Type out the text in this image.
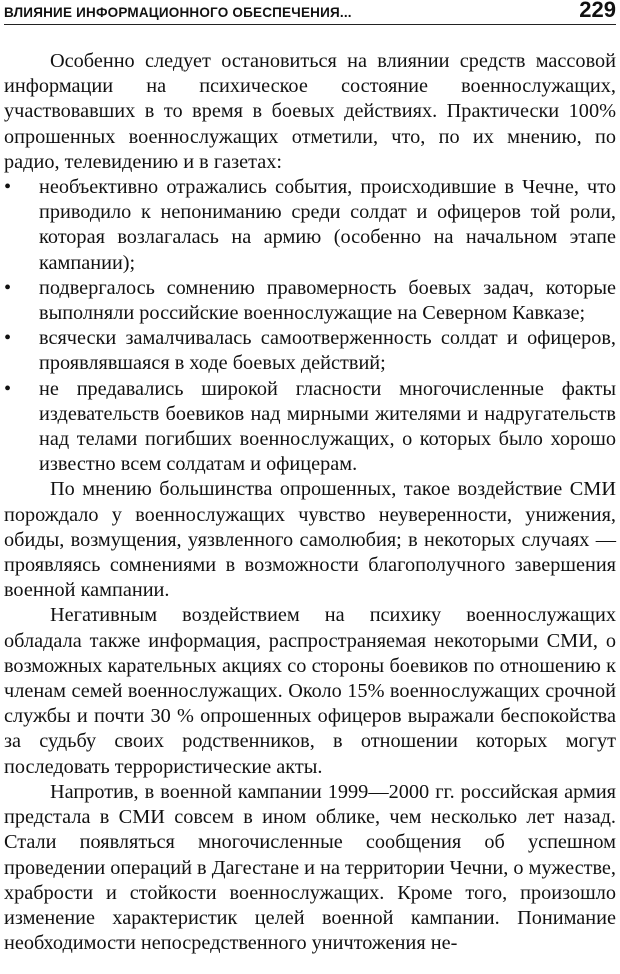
ВЛИЯНИЕ ИНФОРМАЦИОННОГО ОБЕСПЕЧЕНИЯ...	229

Особенно следует остановиться на влиянии средств массовой информации на психическое состояние военнослужащих, участвовавших в то время в боевых действиях. Практически 100% опрошенных военнослужащих отметили, что, по их мнению, по радио, телевидению и в газетах:

• необъективно отражались события, происходившие в Чечне, что приводило к непониманию среди солдат и офицеров той роли, которая возлагалась на армию (особенно на начальном этапе кампании);
• подвергалось сомнению правомерность боевых задач, которые выполняли российские военнослужащие на Северном Кавказе;
• всячески замалчивалась самоотверженность солдат и офицеров, проявлявшаяся в ходе боевых действий;
• не предавались широкой гласности многочисленные факты издевательств боевиков над мирными жителями и надругательств над телами погибших военнослужащих, о которых было хорошо известно всем солдатам и офицерам.

По мнению большинства опрошенных, такое воздействие СМИ порождало у военнослужащих чувство неуверенности, унижения, обиды, возмущения, уязвленного самолюбия; в некоторых случаях — проявляясь сомнениями в возможности благополучного завершения военной кампании.

Негативным воздействием на психику военнослужащих обладала также информация, распространяемая некоторыми СМИ, о возможных карательных акциях со стороны боевиков по отношению к членам семей военнослужащих. Около 15% военнослужащих срочной службы и почти 30 % опрошенных офицеров выражали беспокойства за судьбу своих родственников, в отношении которых могут последовать террористические акты.

Напротив, в военной кампании 1999—2000 гг. российская армия предстала в СМИ совсем в ином облике, чем несколько лет назад. Стали появляться многочисленные сообщения об успешном проведении операций в Дагестане и на территории Чечни, о мужестве, храбрости и стойкости военнослужащих. Кроме того, произошло изменение характеристик целей военной кампании. Понимание необходимости непосредственного уничтожения не-
